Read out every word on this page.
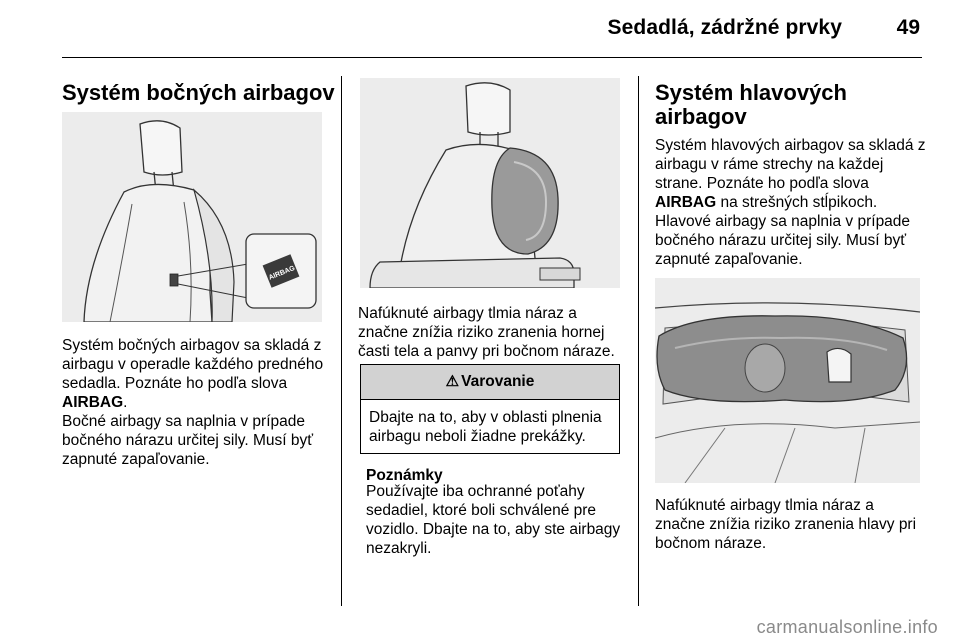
Sedadlá, zádržné prvky	49
Systém bočných airbagov
AIRBAG
Systém bočných airbagov sa skladá z airbagu v operadle každého predného sedadla. Poznáte ho podľa slova AIRBAG.
Bočné airbagy sa naplnia v prípade bočného nárazu určitej sily. Musí byť zapnuté zapaľovanie.
Nafúknuté airbagy tlmia náraz a značne znížia riziko zranenia hornej časti tela a panvy pri bočnom náraze.
⚠ Varovanie
Dbajte na to, aby v oblasti plnenia airbagu neboli žiadne prekážky.
Poznámky
Používajte iba ochranné poťahy sedadiel, ktoré boli schválené pre vozidlo. Dbajte na to, aby ste airbagy nezakryli.
Systém hlavových
airbagov
Systém hlavových airbagov sa skladá z airbagu v ráme strechy na každej strane. Poznáte ho podľa slova AIRBAG na strešných stĺpikoch.
Hlavové airbagy sa naplnia v prípade bočného nárazu určitej sily. Musí byť zapnuté zapaľovanie.
Nafúknuté airbagy tlmia náraz a značne znížia riziko zranenia hlavy pri bočnom náraze.
carmanualsonline.info
